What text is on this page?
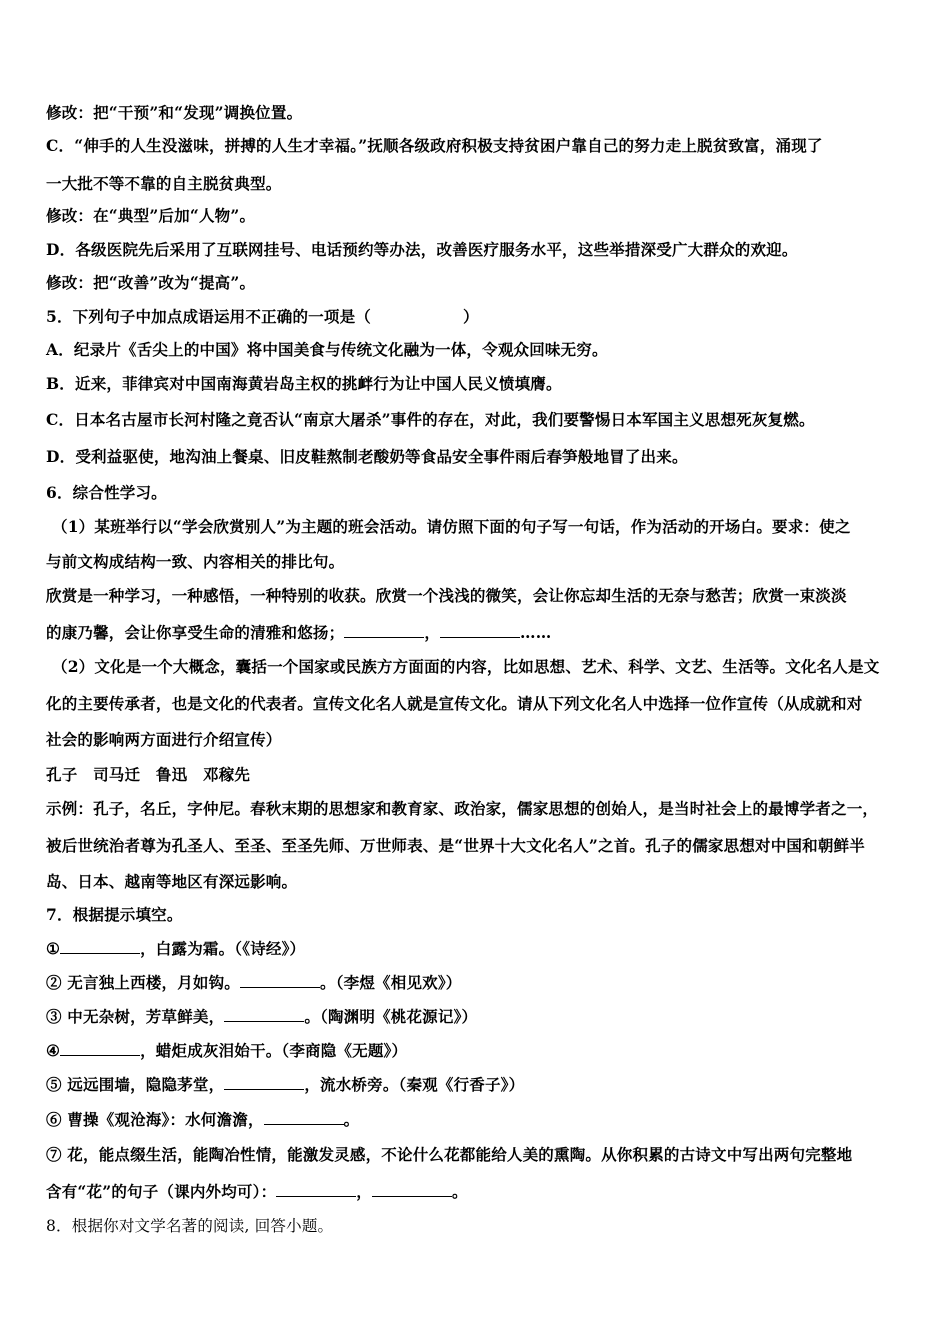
修改：把“干预”和“发现”调换位置。
C．“伸手的人生没滋味，拼搏的人生才幸福。”抚顺各级政府积极支持贫困户靠自己的努力走上脱贫致富，涌现了
一大批不等不靠的自主脱贫典型。
修改：在“典型”后加“人物”。
D．各级医院先后采用了互联网挂号、电话预约等办法，改善医疗服务水平，这些举措深受广大群众的欢迎。
修改：把“改善”改为“提高”。
5．下列句子中加点成语运用不正确的一项是（	）
A．纪录片《舌尖上的中国》将中国美食与传统文化融为一体，令观众回味无穷。
B．近来，菲律宾对中国南海黄岩岛主权的挑衅行为让中国人民义愤填膺。
C．日本名古屋市长河村隆之竟否认“南京大屠杀”事件的存在，对此，我们要警惕日本军国主义思想死灰复燃。
D．受利益驱使，地沟油上餐桌、旧皮鞋熬制老酸奶等食品安全事件雨后春笋般地冒了出来。
6．综合性学习。
（1）某班举行以“学会欣赏别人”为主题的班会活动。请仿照下面的句子写一句话，作为活动的开场白。要求：使之
与前文构成结构一致、内容相关的排比句。
欣赏是一种学习，一种感悟，一种特别的收获。欣赏一个浅浅的微笑，会让你忘却生活的无奈与愁苦；欣赏一束淡淡
的康乃馨，会让你享受生命的清雅和悠扬；	，	……
（2）文化是一个大概念，囊括一个国家或民族方方面面的内容，比如思想、艺术、科学、文艺、生活等。文化名人是文
化的主要传承者，也是文化的代表者。宣传文化名人就是宣传文化。请从下列文化名人中选择一位作宣传（从成就和对
社会的影响两方面进行介绍宣传）
孔子　司马迁　鲁迅　邓稼先
示例：孔子，名丘，字仲尼。春秋末期的思想家和教育家、政治家，儒家思想的创始人，是当时社会上的最博学者之一，
被后世统治者尊为孔圣人、至圣、至圣先师、万世师表、是“世界十大文化名人”之首。孔子的儒家思想对中国和朝鲜半
岛、日本、越南等地区有深远影响。
7．根据提示填空。
①	，白露为霜。（《诗经》）
② 无言独上西楼，月如钩。	。（李煜《相见欢》）
③ 中无杂树，芳草鲜美，	。（陶渊明《桃花源记》）
④	，蜡炬成灰泪始干。（李商隐《无题》）
⑤ 远远围墙，隐隐茅堂，	，流水桥旁。（秦观《行香子》）
⑥ 曹操《观沧海》：水何澹澹，	。
⑦ 花，能点缀生活，能陶冶性情，能激发灵感，不论什么花都能给人美的熏陶。从你积累的古诗文中写出两句完整地
含有“花”的句子（课内外均可）：	，	。
8．根据你对文学名著的阅读, 回答小题。
